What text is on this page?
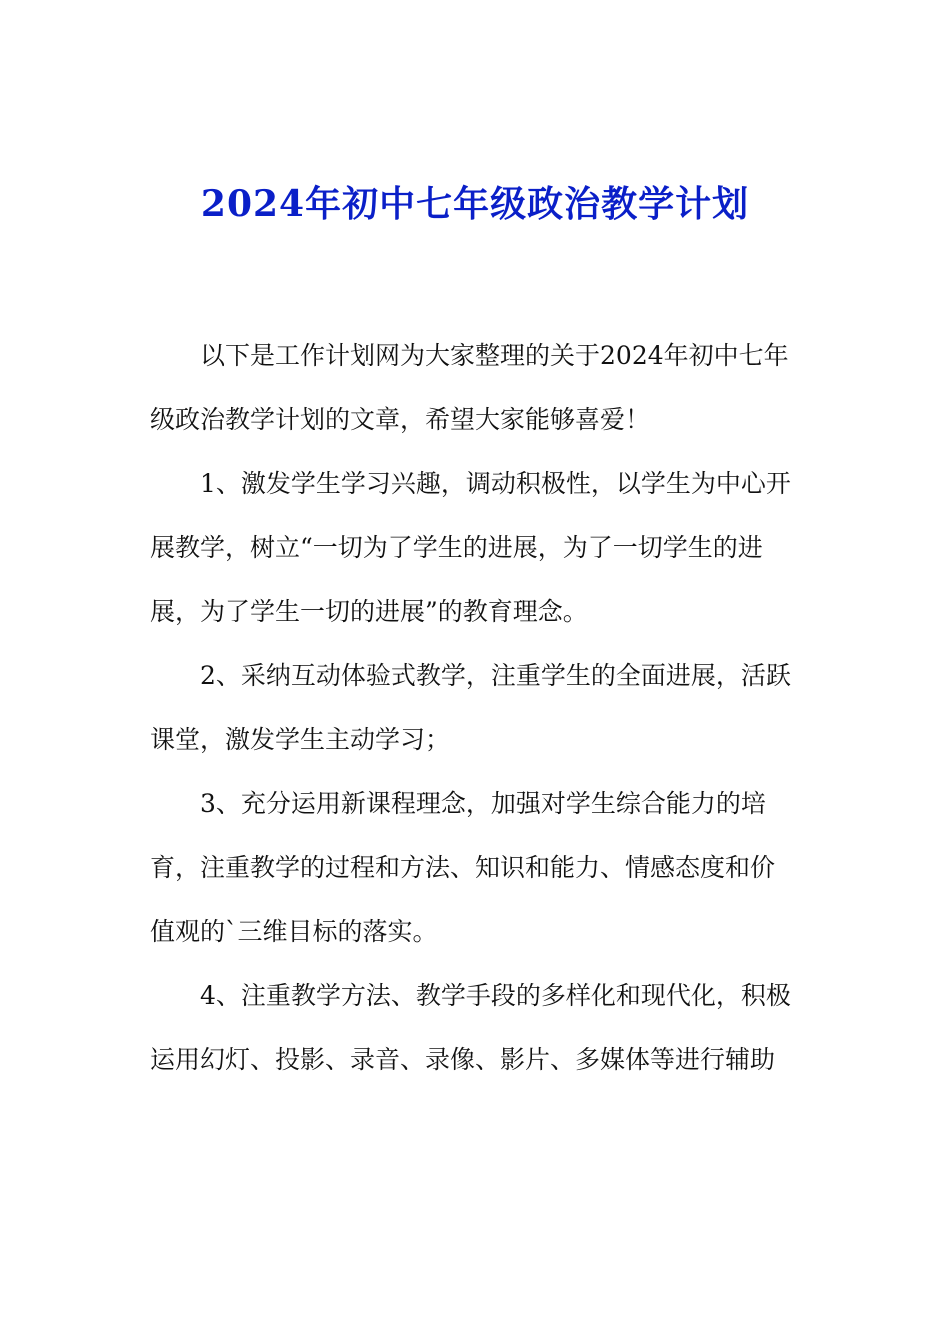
2024年初中七年级政治教学计划
以下是工作计划网为大家整理的关于2024年初中七年
级政治教学计划的文章，希望大家能够喜爱！
1、激发学生学习兴趣，调动积极性，以学生为中心开
展教学，树立“一切为了学生的进展，为了一切学生的进
展，为了学生一切的进展”的教育理念。
2、采纳互动体验式教学，注重学生的全面进展，活跃
课堂，激发学生主动学习；
3、充分运用新课程理念，加强对学生综合能力的培
育，注重教学的过程和方法、知识和能力、情感态度和价
值观的`三维目标的落实。
4、注重教学方法、教学手段的多样化和现代化，积极
运用幻灯、投影、录音、录像、影片、多媒体等进行辅助
